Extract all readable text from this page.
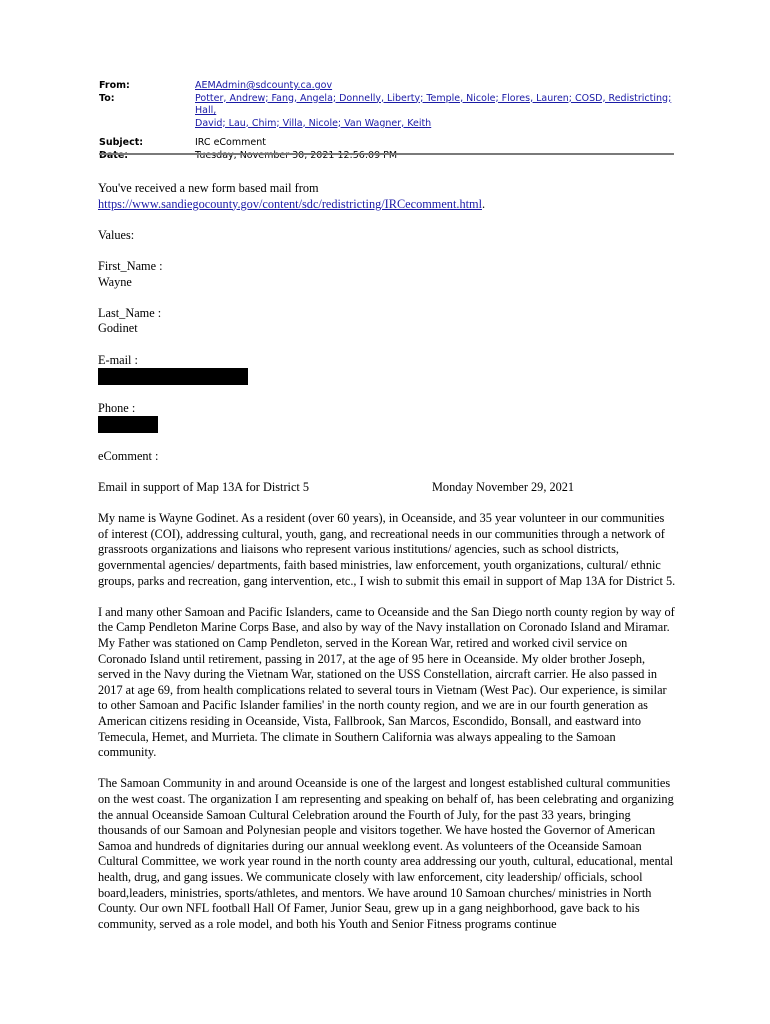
From:	AEMAdmin@sdcounty.ca.gov
To:	Potter, Andrew; Fang, Angela; Donnelly, Liberty; Temple, Nicole; Flores, Lauren; COSD, Redistricting; Hall,
David; Lau, Chim; Villa, Nicole; Van Wagner, Keith
Subject:	IRC eComment
Date:	Tuesday, November 30, 2021 12:56:09 PM

You've received a new form based mail from
https://www.sandiegocounty.gov/content/sdc/redistricting/IRCecomment.html.

Values:

First_Name :
Wayne

Last_Name :
Godinet

E-mail :

Phone :

eComment :

Email in support of Map 13A for District 5	Monday November 29, 2021

My name is Wayne Godinet. As a resident (over 60 years), in Oceanside, and 35 year volunteer in our communities of interest (COI), addressing cultural, youth, gang, and recreational needs in our communities through a network of grassroots organizations and liaisons who represent various institutions/ agencies, such as school districts, governmental agencies/ departments, faith based ministries, law enforcement, youth organizations, cultural/ ethnic groups, parks and recreation, gang intervention, etc., I wish to submit this email in support of Map 13A for District 5.

I and many other Samoan and Pacific Islanders, came to Oceanside and the San Diego north county region by way of the Camp Pendleton Marine Corps Base, and also by way of the Navy installation on Coronado Island and Miramar. My Father was stationed on Camp Pendleton, served in the Korean War, retired and worked civil service on Coronado Island until retirement, passing in 2017, at the age of 95 here in Oceanside. My older brother Joseph, served in the Navy during the Vietnam War, stationed on the USS Constellation, aircraft carrier. He also passed in 2017 at age 69, from health complications related to several tours in Vietnam (West Pac). Our experience, is similar to other Samoan and Pacific Islander families' in the north county region, and we are in our fourth generation as American citizens residing in Oceanside, Vista, Fallbrook, San Marcos, Escondido, Bonsall, and eastward into Temecula, Hemet, and Murrieta. The climate in Southern California was always appealing to the Samoan community.

The Samoan Community in and around Oceanside is one of the largest and longest established cultural communities on the west coast. The organization I am representing and speaking on behalf of, has been celebrating and organizing the annual Oceanside Samoan Cultural Celebration around the Fourth of July, for the past 33 years, bringing thousands of our Samoan and Polynesian people and visitors together. We have hosted the Governor of American Samoa and hundreds of dignitaries during our annual weeklong event. As volunteers of the Oceanside Samoan Cultural Committee, we work year round in the north county area addressing our youth, cultural, educational, mental health, drug, and gang issues. We communicate closely with law enforcement, city leadership/ officials, school board,leaders, ministries, sports/athletes, and mentors. We have around 10 Samoan churches/ ministries in North County. Our own NFL football Hall Of Famer, Junior Seau, grew up in a gang neighborhood, gave back to his community, served as a role model, and both his Youth and Senior Fitness programs continue
